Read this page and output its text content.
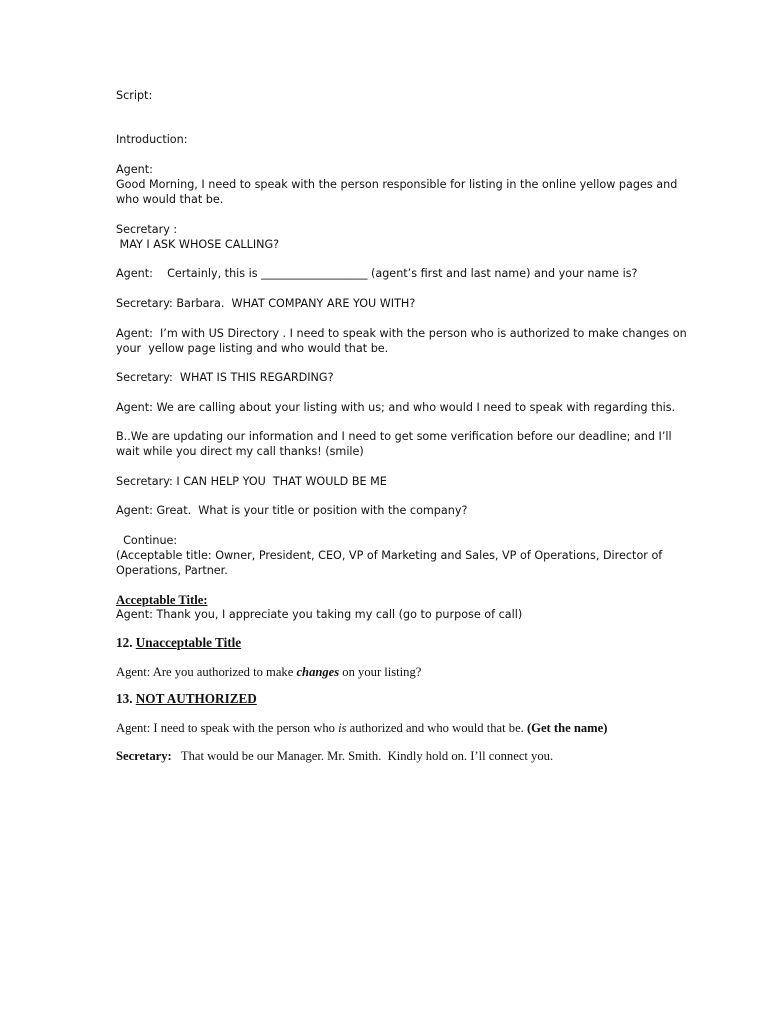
Script:
Introduction:
Agent:
Good Morning, I need to speak with the person responsible for listing in the online yellow pages and
who would that be.
Secretary :
MAY I ASK WHOSE CALLING?
Agent:    Certainly, this is ___________________ (agent’s first and last name) and your name is?
Secretary: Barbara.  WHAT COMPANY ARE YOU WITH?
Agent:  I’m with US Directory . I need to speak with the person who is authorized to make changes on
your  yellow page listing and who would that be.
Secretary:  WHAT IS THIS REGARDING?
Agent: We are calling about your listing with us; and who would I need to speak with regarding this.
B..We are updating our information and I need to get some verification before our deadline; and I’ll
wait while you direct my call thanks! (smile)
Secretary: I CAN HELP YOU  THAT WOULD BE ME
Agent: Great.  What is your title or position with the company?
Continue:
(Acceptable title: Owner, President, CEO, VP of Marketing and Sales, VP of Operations, Director of
Operations, Partner.
Acceptable Title:
Agent: Thank you, I appreciate you taking my call (go to purpose of call)
12. Unacceptable Title
Agent: Are you authorized to make changes on your listing?
13. NOT AUTHORIZED
Agent: I need to speak with the person who is authorized and who would that be. (Get the name)
Secretary:   That would be our Manager. Mr. Smith.  Kindly hold on. I’ll connect you.
